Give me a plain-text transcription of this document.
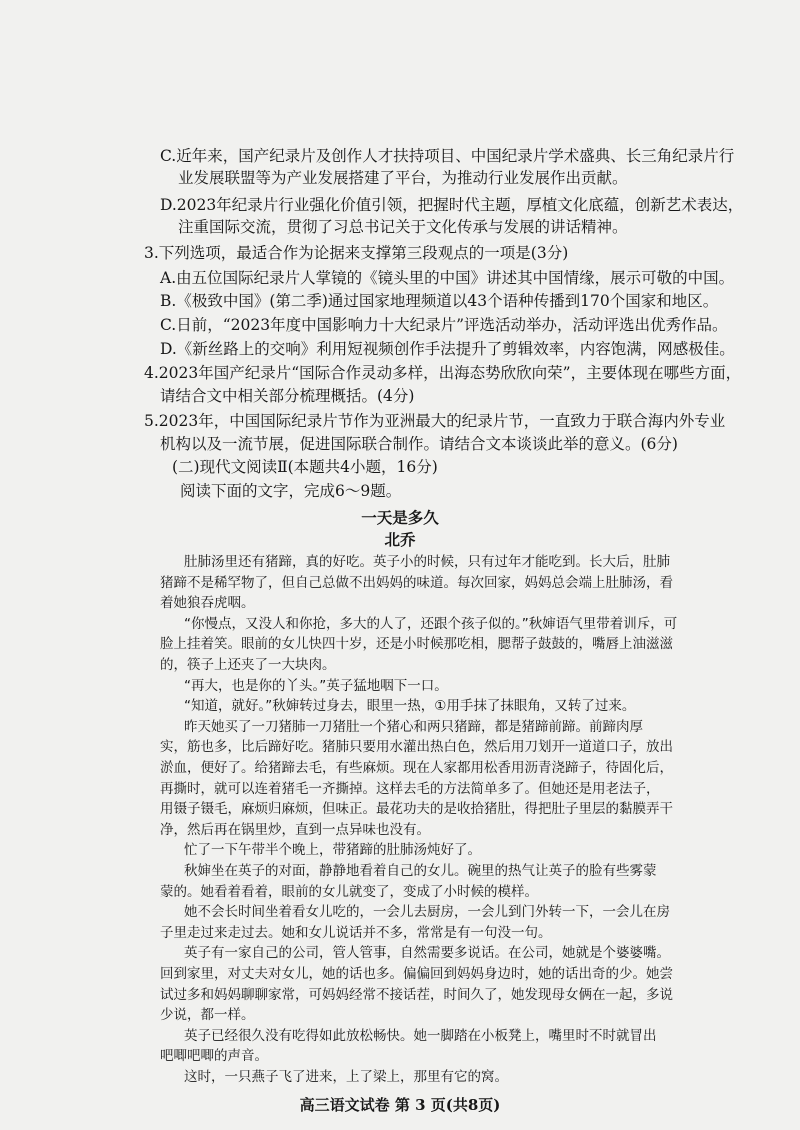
C.近年来，国产纪录片及创作人才扶持项目、中国纪录片学术盛典、长三角纪录片行
业发展联盟等为产业发展搭建了平台，为推动行业发展作出贡献。
D.2023年纪录片行业强化价值引领，把握时代主题，厚植文化底蕴，创新艺术表达，
注重国际交流，贯彻了习总书记关于文化传承与发展的讲话精神。
3.下列选项，最适合作为论据来支撑第三段观点的一项是(3分)
A.由五位国际纪录片人掌镜的《镜头里的中国》讲述其中国情缘，展示可敬的中国。
B.《极致中国》(第二季)通过国家地理频道以43个语种传播到170个国家和地区。
C.日前，“2023年度中国影响力十大纪录片”评选活动举办，活动评选出优秀作品。
D.《新丝路上的交响》利用短视频创作手法提升了剪辑效率，内容饱满，网感极佳。
4.2023年国产纪录片“国际合作灵动多样，出海态势欣欣向荣”，主要体现在哪些方面，
请结合文中相关部分梳理概括。(4分)
5.2023年，中国国际纪录片节作为亚洲最大的纪录片节，一直致力于联合海内外专业
机构以及一流节展，促进国际联合制作。请结合文本谈谈此举的意义。(6分)
(二)现代文阅读Ⅱ(本题共4小题，16分)
阅读下面的文字，完成6～9题。
一天是多久
北乔
肚肺汤里还有猪蹄，真的好吃。英子小的时候，只有过年才能吃到。长大后，肚肺
猪蹄不是稀罕物了，但自己总做不出妈妈的味道。每次回家，妈妈总会端上肚肺汤，看
着她狼吞虎咽。
“你慢点，又没人和你抢，多大的人了，还跟个孩子似的。”秋婶语气里带着训斥，可
脸上挂着笑。眼前的女儿快四十岁，还是小时候那吃相，腮帮子鼓鼓的，嘴唇上油滋滋
的，筷子上还夹了一大块肉。
“再大，也是你的丫头。”英子猛地咽下一口。
“知道，就好。”秋婶转过身去，眼里一热，①用手抹了抹眼角，又转了过来。
昨天她买了一刀猪肺一刀猪肚一个猪心和两只猪蹄，都是猪蹄前蹄。前蹄肉厚
实，筋也多，比后蹄好吃。猪肺只要用水灌出热白色，然后用刀划开一道道口子，放出
淤血，便好了。给猪蹄去毛，有些麻烦。现在人家都用松香用沥青浇蹄子，待固化后，
再撕时，就可以连着猪毛一齐撕掉。这样去毛的方法简单多了。但她还是用老法子，
用镊子镊毛，麻烦归麻烦，但味正。最花功夫的是收拾猪肚，得把肚子里层的黏膜弄干
净，然后再在锅里炒，直到一点异味也没有。
忙了一下午带半个晚上，带猪蹄的肚肺汤炖好了。
秋婶坐在英子的对面，静静地看着自己的女儿。碗里的热气让英子的脸有些雾蒙
蒙的。她看着看着，眼前的女儿就变了，变成了小时候的模样。
她不会长时间坐着看女儿吃的，一会儿去厨房，一会儿到门外转一下，一会儿在房
子里走过来走过去。她和女儿说话并不多，常常是有一句没一句。
英子有一家自己的公司，管人管事，自然需要多说话。在公司，她就是个婆婆嘴。
回到家里，对丈夫对女儿，她的话也多。偏偏回到妈妈身边时，她的话出奇的少。她尝
试过多和妈妈聊聊家常，可妈妈经常不接话茬，时间久了，她发现母女俩在一起，多说
少说，都一样。
英子已经很久没有吃得如此放松畅快。她一脚踏在小板凳上，嘴里时不时就冒出
吧唧吧唧的声音。
这时，一只燕子飞了进来，上了梁上，那里有它的窝。
高三语文试卷 第 3 页(共8页)
